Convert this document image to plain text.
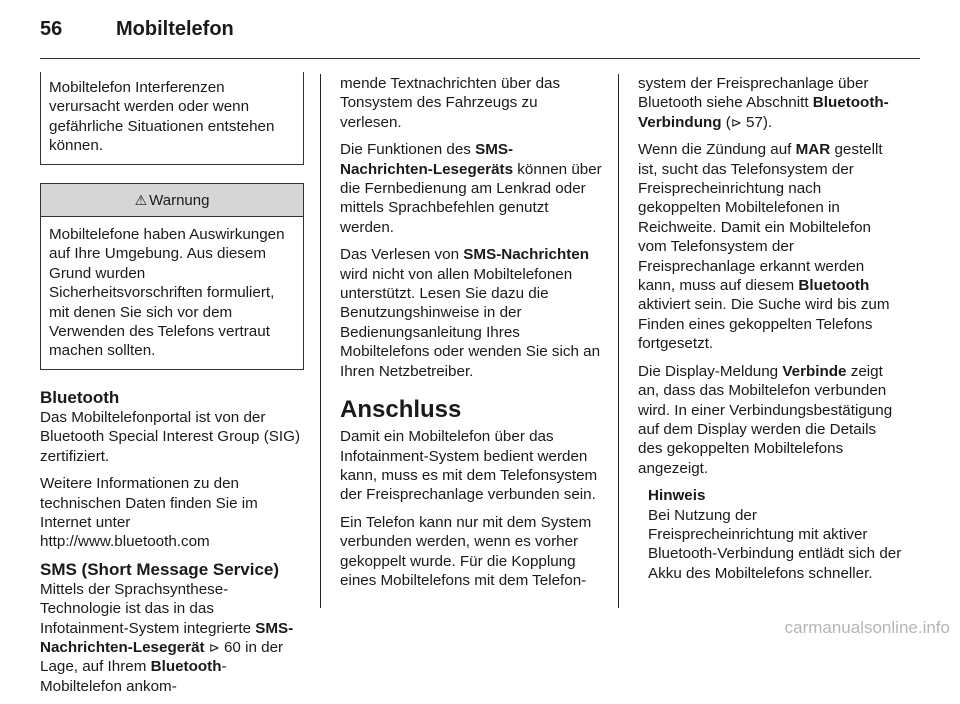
56	Mobiltelefon
Mobiltelefon Interferenzen verursacht werden oder wenn gefährliche Situationen entstehen können.
⚠ Warnung
Mobiltelefone haben Auswirkungen auf Ihre Umgebung. Aus diesem Grund wurden Sicherheitsvorschriften formuliert, mit denen Sie sich vor dem Verwenden des Telefons vertraut machen sollten.
Bluetooth

Das Mobiltelefonportal ist von der Bluetooth Special Interest Group (SIG) zertifiziert.

Weitere Informationen zu den technischen Daten finden Sie im Internet unter http://www.bluetooth.com

SMS (Short Message Service)

Mittels der Sprachsynthese-Technologie ist das in das Infotainment-System integrierte SMS-Nachrichten-Lesegerät ⊳ 60 in der Lage, auf Ihrem Bluetooth-Mobiltelefon ankom-

mende Textnachrichten über das Tonsystem des Fahrzeugs zu verlesen.

Die Funktionen des SMS-Nachrichten-Lesegeräts können über die Fernbedienung am Lenkrad oder mittels Sprachbefehlen genutzt werden.

Das Verlesen von SMS-Nachrichten wird nicht von allen Mobiltelefonen unterstützt. Lesen Sie dazu die Benutzungshinweise in der Bedienungsanleitung Ihres Mobiltelefons oder wenden Sie sich an Ihren Netzbetreiber.

Anschluss

Damit ein Mobiltelefon über das Infotainment-System bedient werden kann, muss es mit dem Telefonsystem der Freisprechanlage verbunden sein.

Ein Telefon kann nur mit dem System verbunden werden, wenn es vorher gekoppelt wurde. Für die Kopplung eines Mobiltelefons mit dem Telefon-

system der Freisprechanlage über Bluetooth siehe Abschnitt Bluetooth-Verbindung (⊳ 57).

Wenn die Zündung auf MAR gestellt ist, sucht das Telefonsystem der Freisprecheinrichtung nach gekoppelten Mobiltelefonen in Reichweite. Damit ein Mobiltelefon vom Telefonsystem der Freisprechanlage erkannt werden kann, muss auf diesem Bluetooth aktiviert sein. Die Suche wird bis zum Finden eines gekoppelten Telefons fortgesetzt.

Die Display-Meldung Verbinde zeigt an, dass das Mobiltelefon verbunden wird. In einer Verbindungsbestätigung auf dem Display werden die Details des gekoppelten Mobiltelefons angezeigt.

Hinweis
Bei Nutzung der Freisprecheinrichtung mit aktiver Bluetooth-Verbindung entlädt sich der Akku des Mobiltelefons schneller.
carmanualsonline.info
